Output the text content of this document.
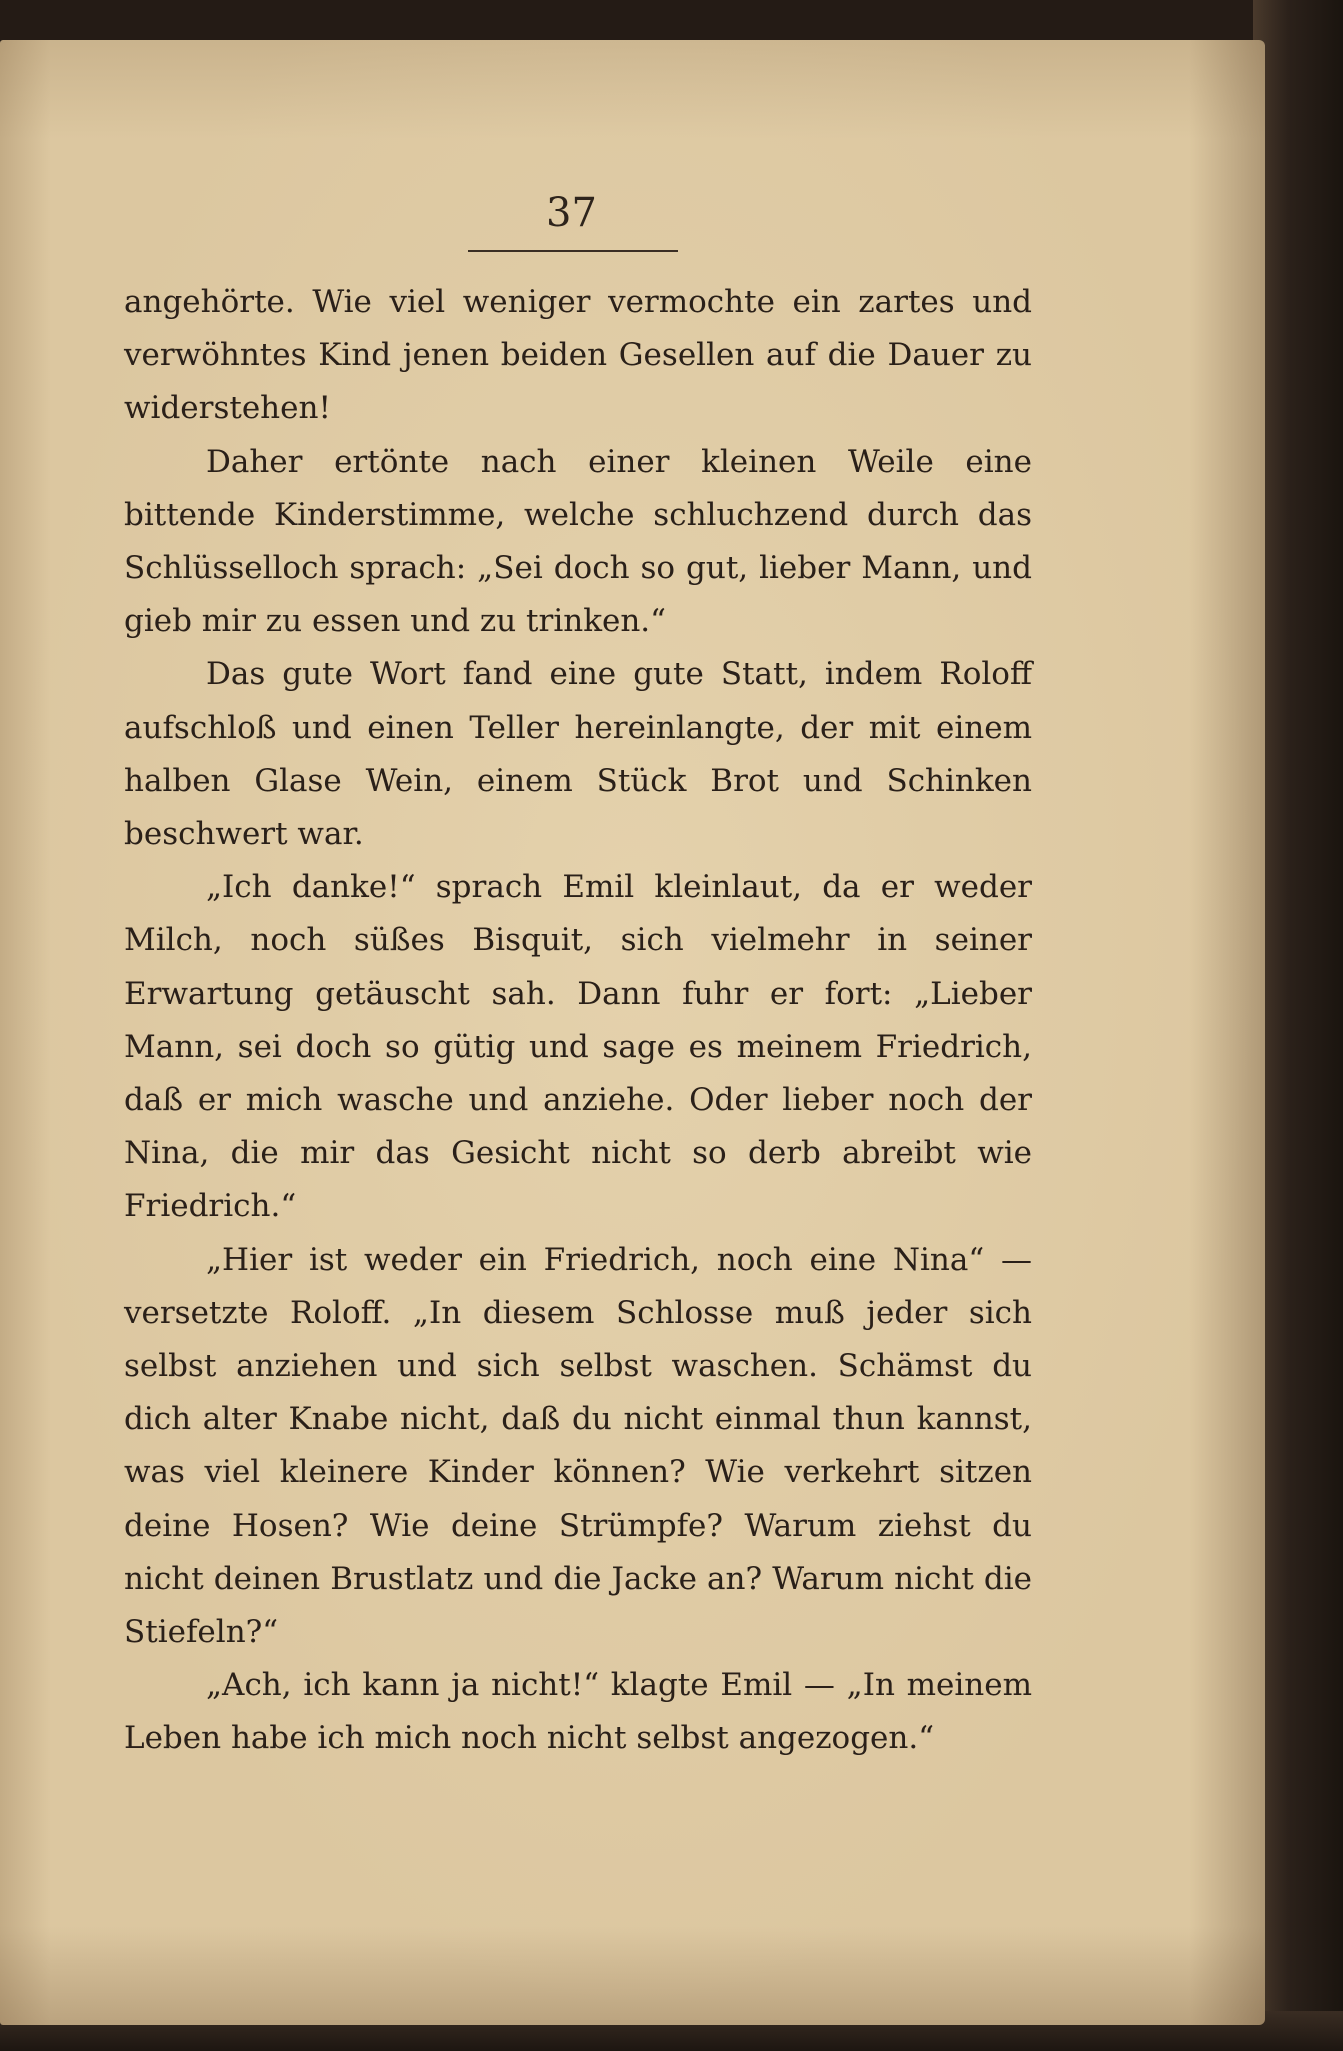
37

angehörte. Wie viel weniger vermochte ein zartes und verwöhntes Kind jenen beiden Gesellen auf die Dauer zu widerstehen!

Daher ertönte nach einer kleinen Weile eine bittende Kinderstimme, welche schluchzend durch das Schlüsselloch sprach: „Sei doch so gut, lieber Mann, und gieb mir zu essen und zu trinken.“

Das gute Wort fand eine gute Statt, indem Roloff aufschloß und einen Teller hereinlangte, der mit einem halben Glase Wein, einem Stück Brot und Schinken beschwert war.

„Ich danke!“ sprach Emil kleinlaut, da er weder Milch, noch süßes Bisquit, sich vielmehr in seiner Erwartung getäuscht sah. Dann fuhr er fort: „Lieber Mann, sei doch so gütig und sage es meinem Friedrich, daß er mich wasche und anziehe. Oder lieber noch der Nina, die mir das Gesicht nicht so derb abreibt wie Friedrich.“

„Hier ist weder ein Friedrich, noch eine Nina“ — versetzte Roloff. „In diesem Schlosse muß jeder sich selbst anziehen und sich selbst waschen. Schämst du dich alter Knabe nicht, daß du nicht einmal thun kannst, was viel kleinere Kinder können? Wie verkehrt sitzen deine Hosen? Wie deine Strümpfe? Warum ziehst du nicht deinen Brustlatz und die Jacke an? Warum nicht die Stiefeln?“

„Ach, ich kann ja nicht!“ klagte Emil — „In meinem Leben habe ich mich noch nicht selbst angezogen.“
